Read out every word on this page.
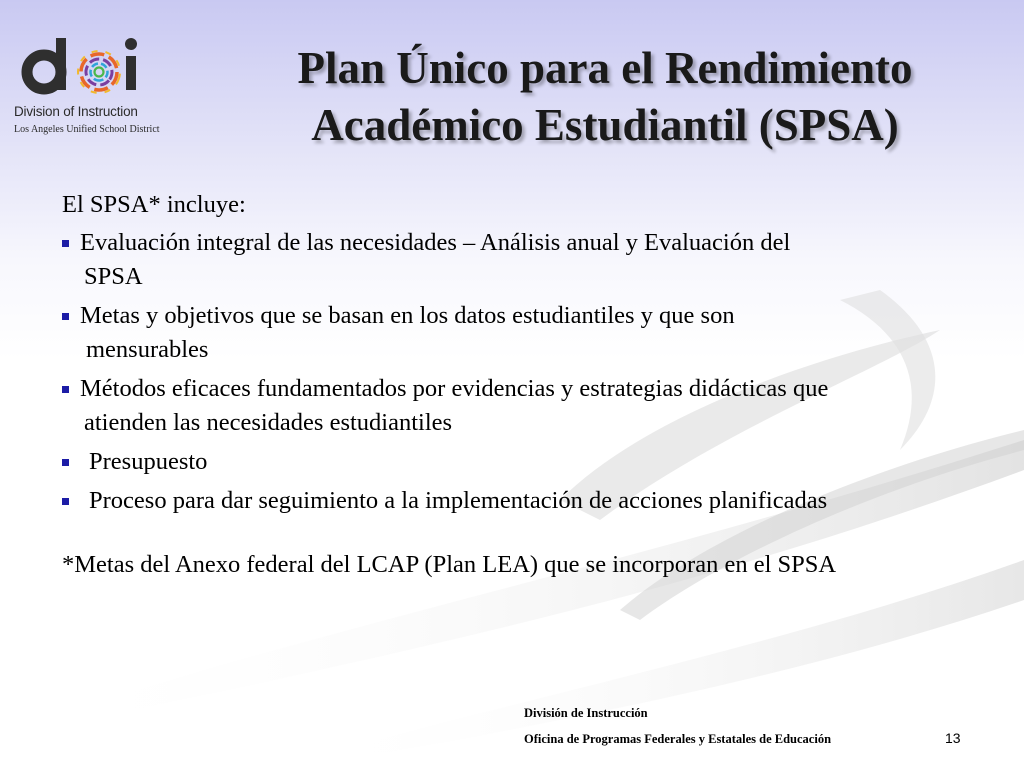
Division of Instruction
Los Angeles Unified School District
Plan Único para el Rendimiento
Académico Estudiantil (SPSA)
El SPSA* incluye:
Evaluación integral de las necesidades – Análisis anual y Evaluación del
SPSA
Metas y objetivos que se basan en los datos estudiantiles y que son
mensurables
Métodos eficaces fundamentados por evidencias y estrategias didácticas que
atienden las necesidades estudiantiles
Presupuesto
Proceso para dar seguimiento a la implementación de acciones planificadas
*Metas del Anexo federal del LCAP (Plan LEA) que se incorporan en el SPSA
División de Instrucción
Oficina de Programas Federales y Estatales de Educación	13
